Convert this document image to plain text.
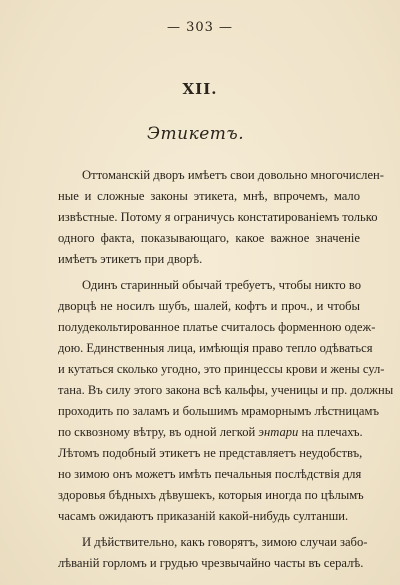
— 303 —
XII.
Этикетъ.
Оттоманскій дворъ имѣетъ свои довольно многочислен-
ные и сложные законы этикета, мнѣ, впрочемъ, мало
извѣстные. Потому я ограничусь констатированіемъ только
одного факта, показывающаго, какое важное значеніе
имѣетъ этикетъ при дворѣ.
Одинъ старинный обычай требуетъ, чтобы никто во
дворцѣ не носилъ шубъ, шалей, кофтъ и проч., и чтобы
полудекольтированное платье считалось форменною одеж-
дою. Единственныя лица, имѣющія право тепло одѣваться
и кутаться сколько угодно, это принцессы крови и жены сул-
тана. Въ силу этого закона всѣ кальфы, ученицы и пр. должны
проходить по заламъ и большимъ мраморнымъ лѣстницамъ
по сквозному вѣтру, въ одной легкой энтари на плечахъ.
Лѣтомъ подобный этикетъ не представляетъ неудобствъ,
но зимою онъ можетъ имѣть печальныя послѣдствія для
здоровья бѣдныхъ дѣвушекъ, которыя иногда по цѣлымъ
часамъ ожидаютъ приказаній какой-нибудь султанши.
И дѣйствительно, какъ говорятъ, зимою случаи забо-
лѣваній горломъ и грудью чрезвычайно часты въ сералѣ.
